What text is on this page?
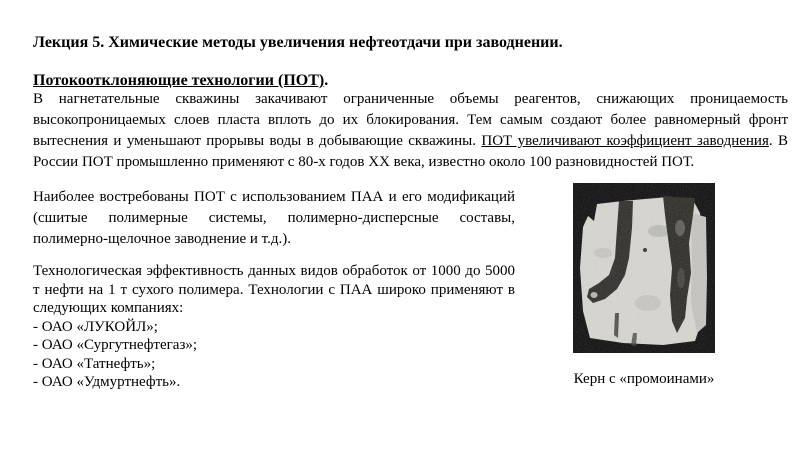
Лекция 5. Химические методы увеличения нефтеотдачи при заводнении.
Потокоотклоняющие технологии (ПОТ).

В нагнетательные скважины закачивают ограниченные объемы реагентов, снижающих проницаемость высокопроницаемых слоев пласта вплоть до их блокирования. Тем самым создают более равномерный фронт вытеснения и уменьшают прорывы воды в добывающие скважины. ПОТ увеличивают коэффициент заводнения. В России ПОТ промышленно применяют с 80-х годов XX века, известно около 100 разновидностей ПОТ.

Наиболее востребованы ПОТ с использованием ПАА и его модификаций (сшитые полимерные системы, полимерно-дисперсные составы, полимерно-щелочное заводнение и т.д.).

Технологическая эффективность данных видов обработок от 1000 до 5000 т нефти на 1 т сухого полимера. Технологии с ПАА широко применяют в следующих компаниях:

- ОАО «ЛУКОЙЛ»;
- ОАО «Сургутнефтегаз»;
- ОАО «Татнефть»;
- ОАО «Удмуртнефть».	Керн с «промоинами»
